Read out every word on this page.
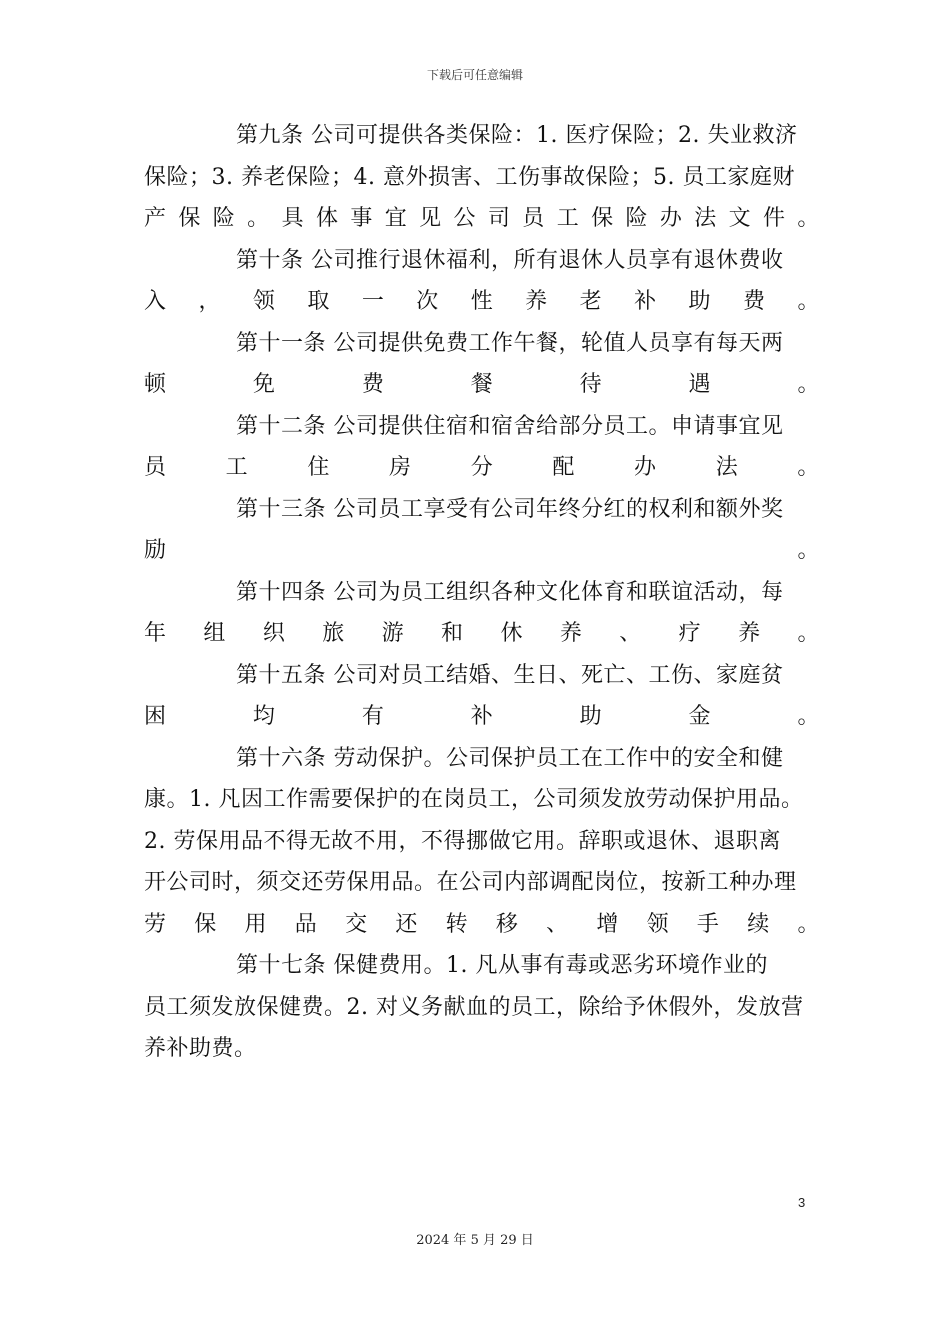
下载后可任意编辑
第九条 公司可提供各类保险：1. 医疗保险；2. 失业救济
保险；3. 养老保险；4. 意外损害、工伤事故保险；5. 员工家庭财
产 保 险 。 具 体 事 宜 见 公 司 员 工 保 险 办 法 文 件 。
第十条 公司推行退休福利，所有退休人员享有退休费收
入 ， 领 取 一 次 性 养 老 补 助 费 。
第十一条 公司提供免费工作午餐，轮值人员享有每天两
顿	免	费	餐	待	遇	。
第十二条 公司提供住宿和宿舍给部分员工。申请事宜见
员	工	住	房	分	配	办	法	。
第十三条 公司员工享受有公司年终分红的权利和额外奖
励	。
第十四条 公司为员工组织各种文化体育和联谊活动，每
年 组 织 旅 游 和 休 养 、 疗 养 。
第十五条 公司对员工结婚、生日、死亡、工伤、家庭贫
困	均	有	补	助	金	。
第十六条 劳动保护。公司保护员工在工作中的安全和健
康。1. 凡因工作需要保护的在岗员工，公司须发放劳动保护用品。
2. 劳保用品不得无故不用，不得挪做它用。辞职或退休、退职离
开公司时，须交还劳保用品。在公司内部调配岗位，按新工种办理
劳 保 用 品 交 还 转 移 、 增 领 手 续 。
第十七条 保健费用。1. 凡从事有毒或恶劣环境作业的
员工须发放保健费。2. 对义务献血的员工，除给予休假外，发放营
养补助费。
3
2024 年 5 月 29 日
